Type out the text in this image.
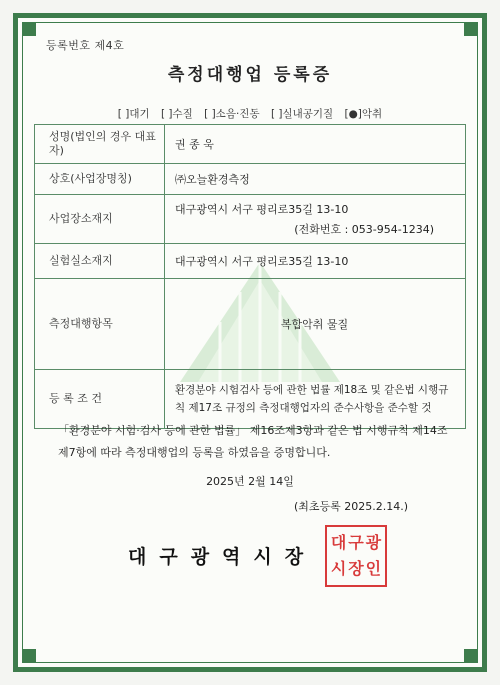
등록번호 제4호
측정대행업 등록증
[ ]대기 [ ]수질 [ ]소음·진동 [ ]실내공기질 [●]악취
성명(법인의 경우 대표자)	권 종 욱
상호(사업장명칭)	㈜오늘환경측정
사업장소재지	대구광역시 서구 평리로35길 13-10
(전화번호 : 053-954-1234)

실험실소재지	대구광역시 서구 평리로35길 13-10
측정대행항목	복합악취 물질
등 록 조 건	환경분야 시험검사 등에 관한 법률 제18조 및 같은법 시행규칙 제17조 규정의 측정대행업자의 준수사항을 준수할 것
「환경분야 시험·검사 등에 관한 법률」 제16조제3항과 같은 법 시행규칙 제14조제7항에 따라 측정대행업의 등록을 하였음을 증명합니다.
2025년 2월 14일
(최초등록 2025.2.14.)
대구광역시장
대 구 광
시 장 인
